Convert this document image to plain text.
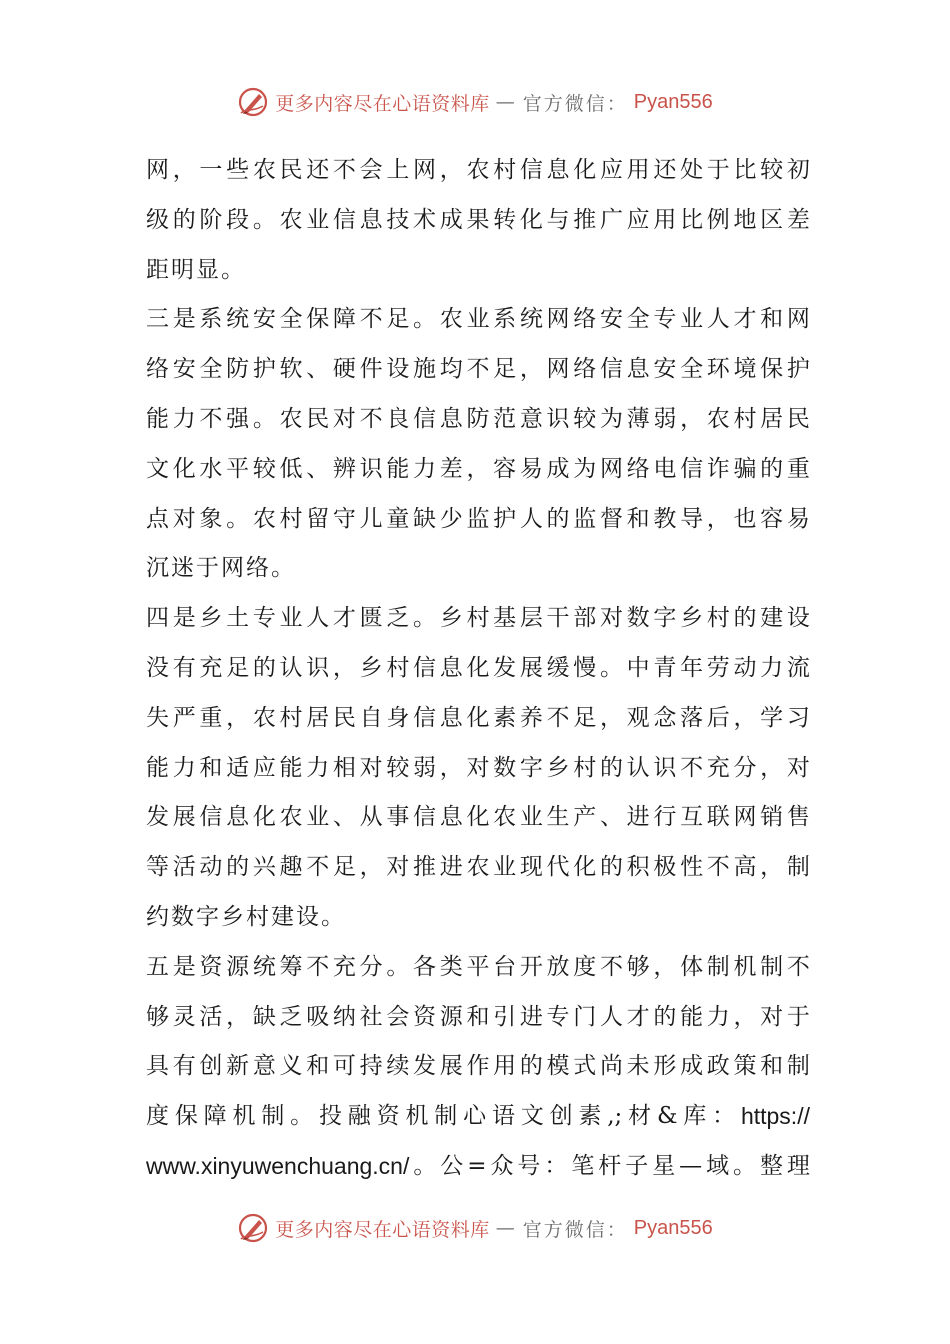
更多内容尽在心语资料库 — 官方微信： Pyan556
网 ， 一 些 农 民 还 不 会 上 网 ， 农 村 信 息 化 应 用 还 处 于 比 较 初
级 的 阶 段 。 农 业 信 息 技 术 成 果 转 化 与 推 广 应 用 比 例 地 区 差
距明显。
三 是 系 统 安 全 保 障 不 足 。 农 业 系 统 网 络 安 全 专 业 人 才 和 网
络 安 全 防 护 软 、 硬 件 设 施 均 不 足 ， 网 络 信 息 安 全 环 境 保 护
能 力 不 强 。 农 民 对 不 良 信 息 防 范 意 识 较 为 薄 弱 ， 农 村 居 民
文 化 水 平 较 低 、 辨 识 能 力 差 ， 容 易 成 为 网 络 电 信 诈 骗 的 重
点 对 象 。 农 村 留 守 儿 童 缺 少 监 护 人 的 监 督 和 教 导 ， 也 容 易
沉迷于网络。
四 是 乡 土 专 业 人 才 匮 乏 。 乡 村 基 层 干 部 对 数 字 乡 村 的 建 设
没 有 充 足 的 认 识 ， 乡 村 信 息 化 发 展 缓 慢 。 中 青 年 劳 动 力 流
失 严 重 ， 农 村 居 民 自 身 信 息 化 素 养 不 足 ， 观 念 落 后 ， 学 习
能 力 和 适 应 能 力 相 对 较 弱 ， 对 数 字 乡 村 的 认 识 不 充 分 ， 对
发 展 信 息 化 农 业 、 从 事 信 息 化 农 业 生 产 、 进 行 互 联 网 销 售
等 活 动 的 兴 趣 不 足 ， 对 推 进 农 业 现 代 化 的 积 极 性 不 高 ， 制
约数字乡村建设。
五 是 资 源 统 筹 不 充 分 。 各 类 平 台 开 放 度 不 够 ， 体 制 机 制 不
够 灵 活 ， 缺 乏 吸 纳 社 会 资 源 和 引 进 专 门 人 才 的 能 力 ， 对 于
具 有 创 新 意 义 和 可 持 续 发 展 作 用 的 模 式 尚 未 形 成 政 策 和 制
度 保 障 机 制 。 投 融 资 机 制 心 语 文 创 素 ,; 材 & 库 ： https://
www.xinyuwenchuang.cn/ 。 公 = 众 号 ： 笔 杆 子 星 — 域 。 整 理
更多内容尽在心语资料库 — 官方微信： Pyan556
